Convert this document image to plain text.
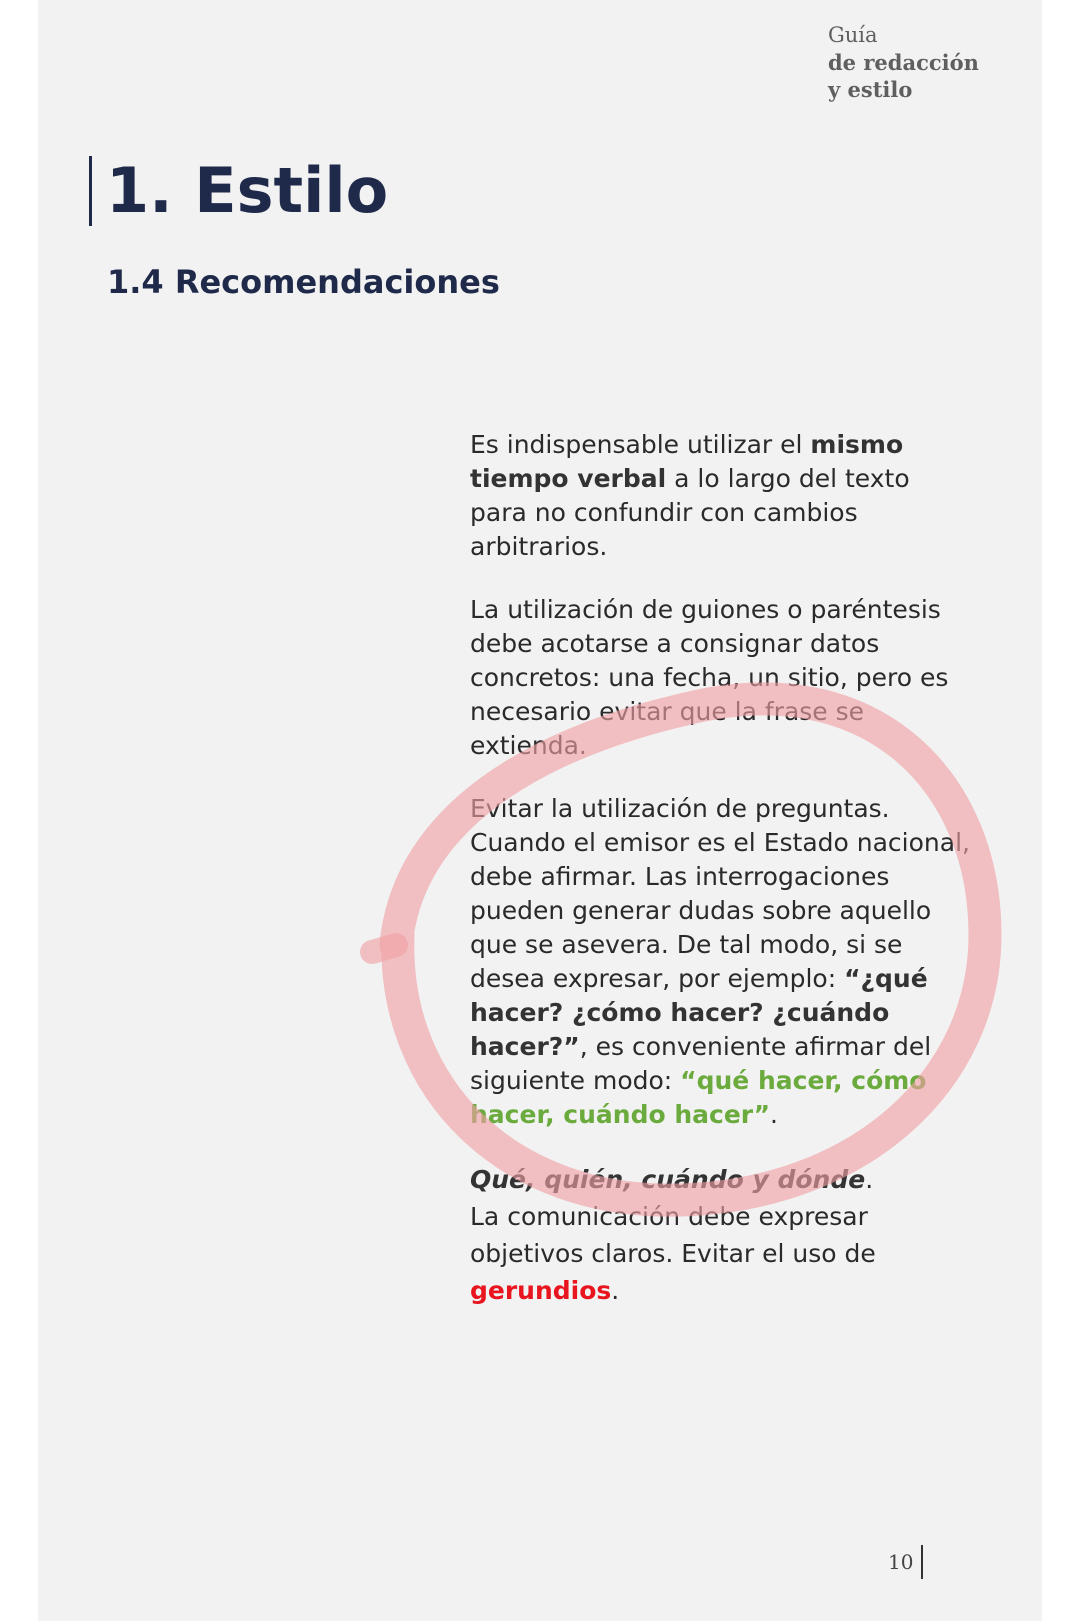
Guía
de redacción
y estilo
1. Estilo
1.4 Recomendaciones

Es indispensable utilizar el mismo tiempo verbal a lo largo del texto para no confundir con cambios arbitrarios.

La utilización de guiones o paréntesis debe acotarse a consignar datos concretos: una fecha, un sitio, pero es necesario evitar que la frase se extienda.

Evitar la utilización de preguntas. Cuando el emisor es el Estado nacional, debe afirmar. Las interrogaciones pueden generar dudas sobre aquello que se asevera. De tal modo, si se desea expresar, por ejemplo: “¿qué hacer? ¿cómo hacer? ¿cuándo hacer?”, es conveniente afirmar del siguiente modo: “qué hacer, cómo hacer, cuándo hacer”.

Qué, quién, cuándo y dónde.
La comunicación debe expresar objetivos claros. Evitar el uso de gerundios.

10
